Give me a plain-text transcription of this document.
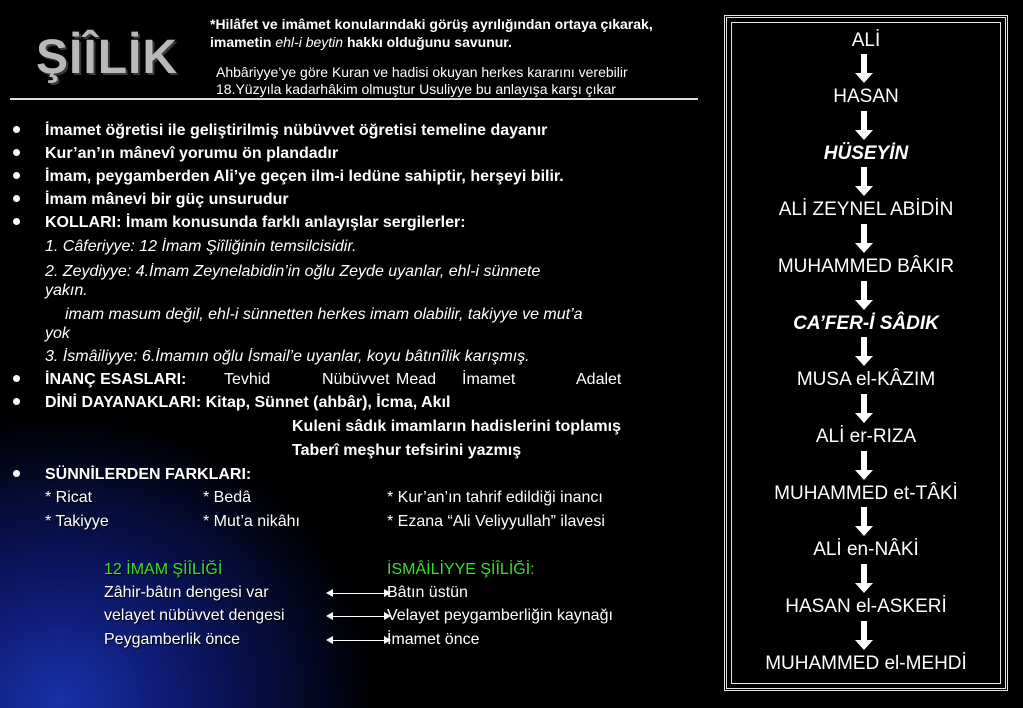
ŞİÎLİK
*Hilâfet ve imâmet konularındaki görüş ayrılığından ortaya çıkarak,
imametin ehl-i beytin hakkı olduğunu savunur.
Ahbâriyye’ye göre Kuran ve hadisi okuyan herkes kararını verebilir
18.Yüzyıla kadarhâkim olmuştur Usuliyye bu anlayışa karşı çıkar
İmamet öğretisi ile geliştirilmiş nübüvvet öğretisi temeline dayanır
Kur’an’ın mânevî yorumu ön plandadır
İmam, peygamberden Ali’ye geçen ilm-i ledüne sahiptir, herşeyi bilir.
İmam mânevi bir güç unsurudur
KOLLARI: İmam konusunda farklı anlayışlar sergilerler:
1. Câferiyye: 12 İmam Şiîliğinin temsilcisidir.
2. Zeydiyye: 4.İmam Zeynelabidin’in oğlu Zeyde uyanlar, ehl-i sünnete
yakın.
imam masum değil, ehl-i sünnetten herkes imam olabilir, takiyye ve mut’a
yok
3. İsmâiliyye: 6.İmamın oğlu İsmail’e uyanlar, koyu bâtınîlik karışmış.
İNANÇ ESASLARI: Tevhid	Nübüvvet Mead İmamet	Adalet
DİNİ DAYANAKLARI: Kitap, Sünnet (ahbâr), İcma, Akıl
Kuleni sâdık imamların hadislerini toplamış
Taberî meşhur tefsirini yazmış
SÜNNİLERDEN FARKLARI:
* Ricat	* Bedâ	* Kur’an’ın tahrif edildiği inancı
* Takiyye	* Mut’a nikâhı	* Ezana “Ali Veliyyullah” ilavesi
12 İMAM ŞİÎLİĞİ	İSMÂİLİYYE ŞİÎLİĞİ:
Zâhir-bâtın dengesi var	Bâtın üstün
velayet nübüvvet dengesi	Velayet peygamberliğin kaynağı
Peygamberlik önce	İmamet önce
ALİ
HASAN
HÜSEYİN
ALİ ZEYNEL ABİDİN
MUHAMMED BÂKIR
CA’FER-İ SÂDIK
MUSA el-KÂZIM
ALİ er-RIZA
MUHAMMED et-TÂKİ
ALİ en-NÂKİ
HASAN el-ASKERİ
MUHAMMED el-MEHDİ
